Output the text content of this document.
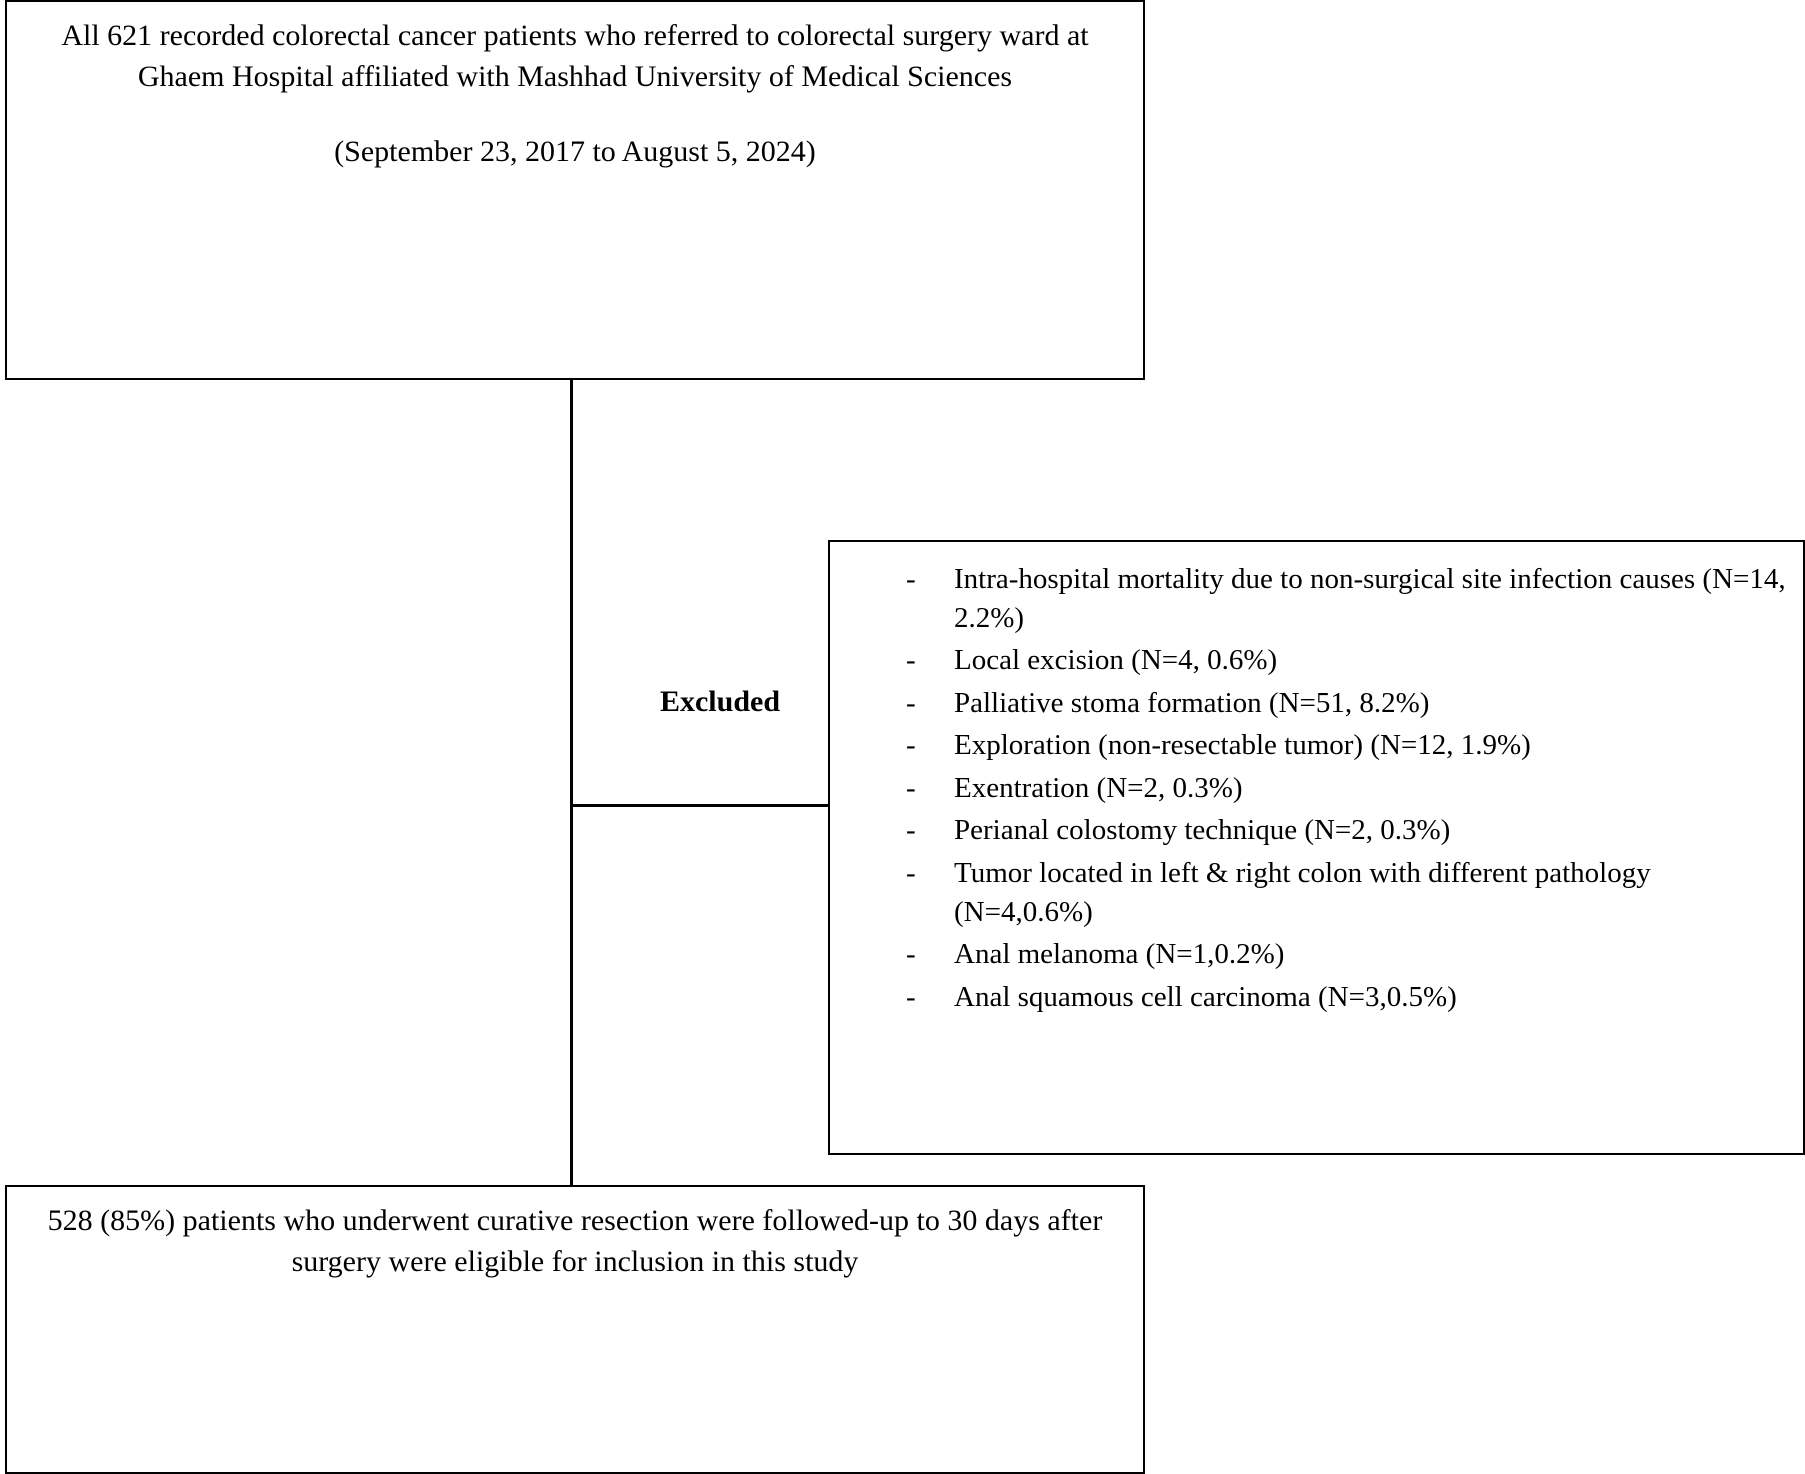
All 621 recorded colorectal cancer patients who referred to colorectal surgery ward at Ghaem Hospital affiliated with Mashhad University of Medical Sciences
(September 23, 2017 to August 5, 2024)
Excluded
- Intra-hospital mortality due to non-surgical site infection causes (N=14, 2.2%)
- Local excision (N=4, 0.6%)
- Palliative stoma formation (N=51, 8.2%)
- Exploration (non-resectable tumor) (N=12, 1.9%)
- Exentration (N=2, 0.3%)
- Perianal colostomy technique (N=2, 0.3%)
- Tumor located in left & right colon with different pathology (N=4,0.6%)
- Anal melanoma (N=1,0.2%)
- Anal squamous cell carcinoma (N=3,0.5%)
528 (85%) patients who underwent curative resection were followed-up to 30 days after surgery were eligible for inclusion in this study
